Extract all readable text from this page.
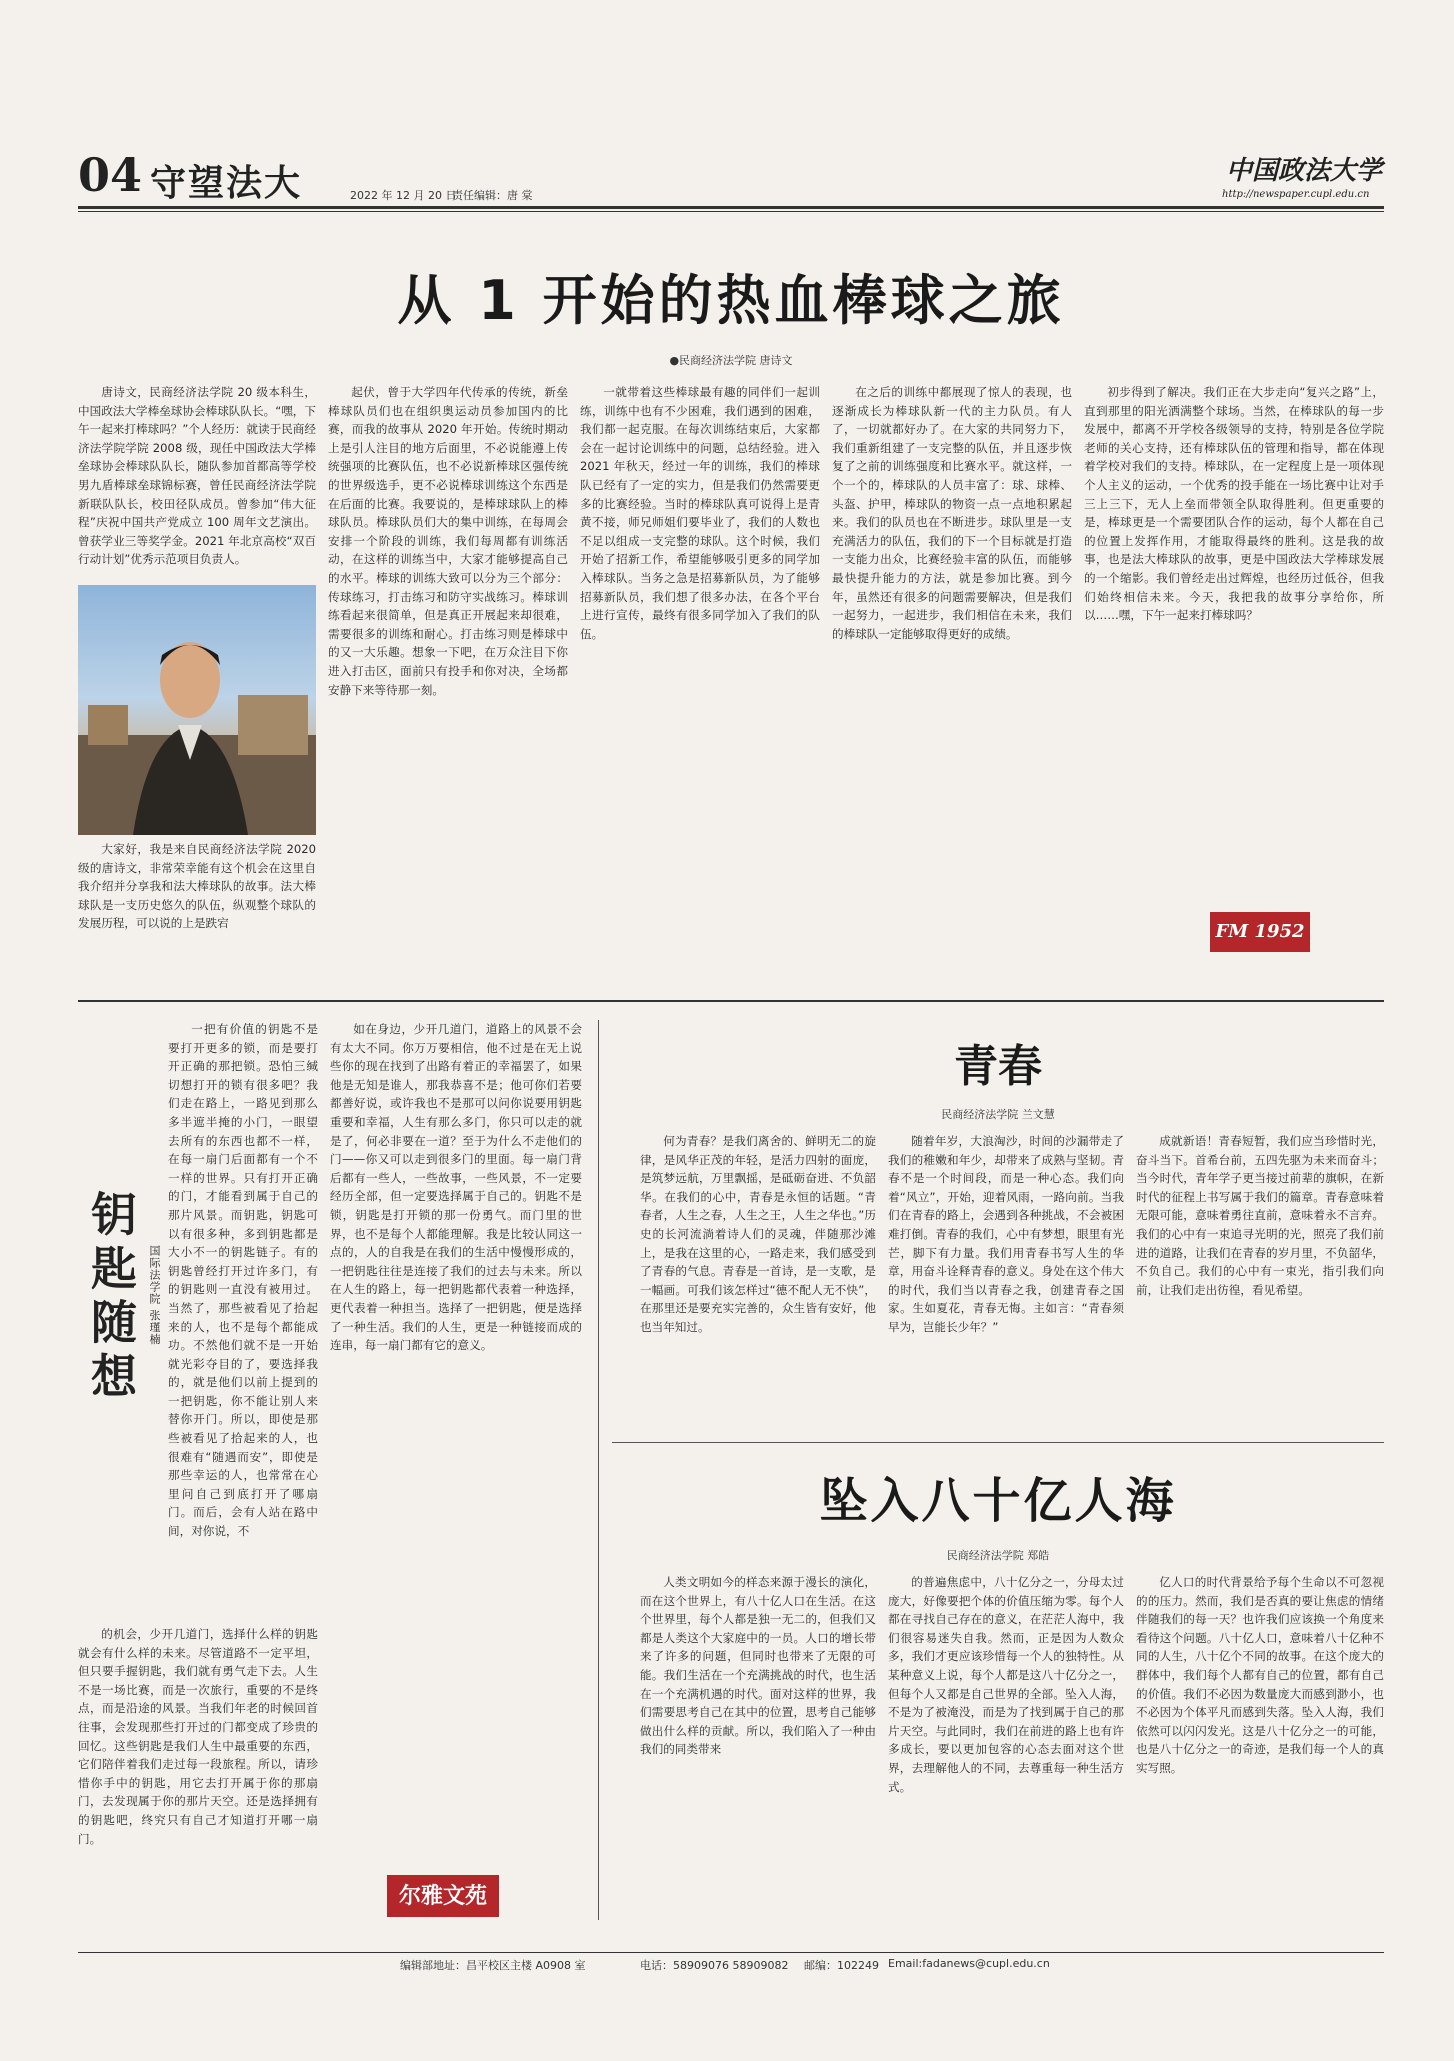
04 守望法大	2022 年 12 月 20 日
责任编辑：唐 棠
中国政法大学
http://newspaper.cupl.edu.cn
从 1 开始的热血棒球之旅
●民商经济法学院 唐诗文

唐诗文，民商经济法学院 20 级本科生，中国政法大学棒垒球协会棒球队队长。“嘿，下午一起来打棒球吗？”个人经历：就读于民商经济法学院学院 2008 级，现任中国政法大学棒垒球协会棒球队队长，随队参加首都高等学校男九盾棒球垒球锦标赛，曾任民商经济法学院新联队队长，校田径队成员。曾参加“伟大征程”庆祝中国共产党成立 100 周年文艺演出。曾获学业三等奖学金。2021 年北京高校“双百行动计划”优秀示范项目负责人。

大家好，我是来自民商经济法学院 2020 级的唐诗文，非常荣幸能有这个机会在这里自我介绍并分享我和法大棒球队的故事。法大棒球队是一支历史悠久的队伍，纵观整个球队的发展历程，可以说的上是跌宕

起伏，曾于大学四年代传承的传统，新垒棒球队员们也在组织奥运动员参加国内的比赛，而我的故事从 2020 年开始。传统时期动上是引人注目的地方后面里，不必说能遵上传统强项的比赛队伍，也不必说新棒球区强传统的世界级选手，更不必说棒球训练这个东西是在后面的比赛。我要说的，是棒球球队上的棒球队员。棒球队员们大的集中训练，在每周会安排一个阶段的训练，我们每周都有训练活动，在这样的训练当中，大家才能够提高自己的水平。棒球的训练大致可以分为三个部分：传球练习，打击练习和防守实战练习。棒球训练看起来很简单，但是真正开展起来却很难，需要很多的训练和耐心。打击练习则是棒球中的又一大乐趣。想象一下吧，在万众注目下你进入打击区，面前只有投手和你对决，全场都安静下来等待那一刻。

一就带着这些棒球最有趣的同伴们一起训练，训练中也有不少困难，我们遇到的困难，我们都一起克服。在每次训练结束后，大家都会在一起讨论训练中的问题，总结经验。进入 2021 年秋天，经过一年的训练，我们的棒球队已经有了一定的实力，但是我们仍然需要更多的比赛经验。当时的棒球队真可说得上是青黄不接，师兄师姐们要毕业了，我们的人数也不足以组成一支完整的球队。这个时候，我们开始了招新工作，希望能够吸引更多的同学加入棒球队。当务之急是招募新队员，为了能够招募新队员，我们想了很多办法，在各个平台上进行宣传，最终有很多同学加入了我们的队伍。

在之后的训练中都展现了惊人的表现，也逐渐成长为棒球队新一代的主力队员。有人了，一切就都好办了。在大家的共同努力下，我们重新组建了一支完整的队伍，并且逐步恢复了之前的训练强度和比赛水平。就这样，一个一个的，棒球队的人员丰富了：球、球棒、头盔、护甲，棒球队的物资一点一点地积累起来。我们的队员也在不断进步。球队里是一支充满活力的队伍，我们的下一个目标就是打造一支能力出众，比赛经验丰富的队伍，而能够最快提升能力的方法，就是参加比赛。到今年，虽然还有很多的问题需要解决，但是我们一起努力，一起进步，我们相信在未来，我们的棒球队一定能够取得更好的成绩。

初步得到了解决。我们正在大步走向“复兴之路”上，直到那里的阳光洒满整个球场。当然，在棒球队的每一步发展中，都离不开学校各级领导的支持，特别是各位学院老师的关心支持，还有棒球队伍的管理和指导，都在体现着学校对我们的支持。棒球队，在一定程度上是一项体现个人主义的运动，一个优秀的投手能在一场比赛中让对手三上三下，无人上垒而带领全队取得胜利。但更重要的是，棒球更是一个需要团队合作的运动，每个人都在自己的位置上发挥作用，才能取得最终的胜利。这是我的故事，也是法大棒球队的故事，更是中国政法大学棒球发展的一个缩影。我们曾经走出过辉煌，也经历过低谷，但我们始终相信未来。今天，我把我的故事分享给你，所以……嘿，下午一起来打棒球吗？

FM 1952
钥匙随想 国际法学院 张瑾楠

一把有价值的钥匙不是要打开更多的锁，而是要打开正确的那把锁。恐怕三缄切想打开的锁有很多吧？我们走在路上，一路见到那么多半遮半掩的小门，一眼望去所有的东西也都不一样，在每一扇门后面都有一个不一样的世界。只有打开正确的门，才能看到属于自己的那片风景。而钥匙，钥匙可以有很多种，多到钥匙都是大小不一的钥匙链子。有的钥匙曾经打开过许多门，有的钥匙则一直没有被用过。当然了，那些被看见了拾起来的人，也不是每个都能成功。不然他们就不是一开始就光彩夺目的了，要选择我的，就是他们以前上提到的一把钥匙，你不能让别人来替你开门。所以，即使是那些被看见了拾起来的人，也很难有“随遇而安”，即使是那些幸运的人，也常常在心里问自己到底打开了哪扇门。而后，会有人站在路中间，对你说，不

如在身边，少开几道门，道路上的风景不会有太大不同。你万万要相信，他不过是在无上说些你的现在找到了出路有着正的幸福罢了，如果他是无知是谁人，那我恭喜不是；他可你们若要都善好说，或许我也不是那可以问你说要用钥匙重要和幸福，人生有那么多门，你只可以走的就是了，何必非要在一道？至于为什么不走他们的门——你又可以走到很多门的里面。每一扇门背后都有一些人，一些故事，一些风景，不一定要经历全部，但一定要选择属于自己的。钥匙不是锁，钥匙是打开锁的那一份勇气。而门里的世界，也不是每个人都能理解。我是比较认同这一点的，人的自我是在我们的生活中慢慢形成的，一把钥匙往往是连接了我们的过去与未来。所以在人生的路上，每一把钥匙都代表着一种选择，更代表着一种担当。选择了一把钥匙，便是选择了一种生活。我们的人生，更是一种链接而成的连串，每一扇门都有它的意义。

的机会，少开几道门，选择什么样的钥匙就会有什么样的未来。尽管道路不一定平坦，但只要手握钥匙，我们就有勇气走下去。人生不是一场比赛，而是一次旅行，重要的不是终点，而是沿途的风景。当我们年老的时候回首往事，会发现那些打开过的门都变成了珍贵的回忆。这些钥匙是我们人生中最重要的东西，它们陪伴着我们走过每一段旅程。所以，请珍惜你手中的钥匙，用它去打开属于你的那扇门，去发现属于你的那片天空。还是选择拥有的钥匙吧，终究只有自己才知道打开哪一扇门。

尔雅文苑
青春
民商经济法学院 兰文慧

何为青春？是我们离舍的、鲜明无二的旋律，是风华正茂的年轻，是活力四射的面庞，是筑梦远航，万里飘摇，是砥砺奋进、不负韶华。在我们的心中，青春是永恒的话题。“青春者，人生之春，人生之王，人生之华也。”历史的长河流淌着诗人们的灵魂，伴随那沙滩上，是我在这里的心，一路走来，我们感受到了青春的气息。青春是一首诗，是一支歌，是一幅画。可我们该怎样过“德不配人无不快”，在那里还是要充实完善的，众生皆有安好，他也当年知过。

随着年岁，大浪淘沙，时间的沙漏带走了我们的稚嫩和年少，却带来了成熟与坚韧。青春不是一个时间段，而是一种心态。我们向着“风立”，开始，迎着风雨，一路向前。当我们在青春的路上，会遇到各种挑战，不会被困难打倒。青春的我们，心中有梦想，眼里有光芒，脚下有力量。我们用青春书写人生的华章，用奋斗诠释青春的意义。身处在这个伟大的时代，我们当以青春之我，创建青春之国家。生如夏花，青春无悔。主如言：“青春须早为，岂能长少年？”

成就新语！青春短暂，我们应当珍惜时光，奋斗当下。首希台前，五四先驱为未来而奋斗；当今时代，青年学子更当接过前辈的旗帜，在新时代的征程上书写属于我们的篇章。青春意味着无限可能，意味着勇往直前，意味着永不言弃。我们的心中有一束追寻光明的光，照亮了我们前进的道路，让我们在青春的岁月里，不负韶华，不负自己。我们的心中有一束光，指引我们向前，让我们走出彷徨，看见希望。

坠入八十亿人海
民商经济法学院 郑皓

人类文明如今的样态来源于漫长的演化，而在这个世界上，有八十亿人口在生活。在这个世界里，每个人都是独一无二的，但我们又都是人类这个大家庭中的一员。人口的增长带来了许多的问题，但同时也带来了无限的可能。我们生活在一个充满挑战的时代，也生活在一个充满机遇的时代。面对这样的世界，我们需要思考自己在其中的位置，思考自己能够做出什么样的贡献。所以，我们陷入了一种由我们的同类带来

的普遍焦虑中，八十亿分之一，分母太过庞大，好像要把个体的价值压缩为零。每个人都在寻找自己存在的意义，在茫茫人海中，我们很容易迷失自我。然而，正是因为人数众多，我们才更应该珍惜每一个人的独特性。从某种意义上说，每个人都是这八十亿分之一，但每个人又都是自己世界的全部。坠入人海，不是为了被淹没，而是为了找到属于自己的那片天空。与此同时，我们在前进的路上也有许多成长，要以更加包容的心态去面对这个世界，去理解他人的不同，去尊重每一种生活方式。

亿人口的时代背景给予每个生命以不可忽视的的压力。然而，我们是否真的要让焦虑的情绪伴随我们的每一天？也许我们应该换一个角度来看待这个问题。八十亿人口，意味着八十亿种不同的人生，八十亿个不同的故事。在这个庞大的群体中，我们每个人都有自己的位置，都有自己的价值。我们不必因为数量庞大而感到渺小，也不必因为个体平凡而感到失落。坠入人海，我们依然可以闪闪发光。这是八十亿分之一的可能，也是八十亿分之一的奇迹，是我们每一个人的真实写照。

编辑部地址：昌平校区主楼 A0908 室	电话：58909076 58909082 邮编：102249 Email:fadanews@cupl.edu.cn
